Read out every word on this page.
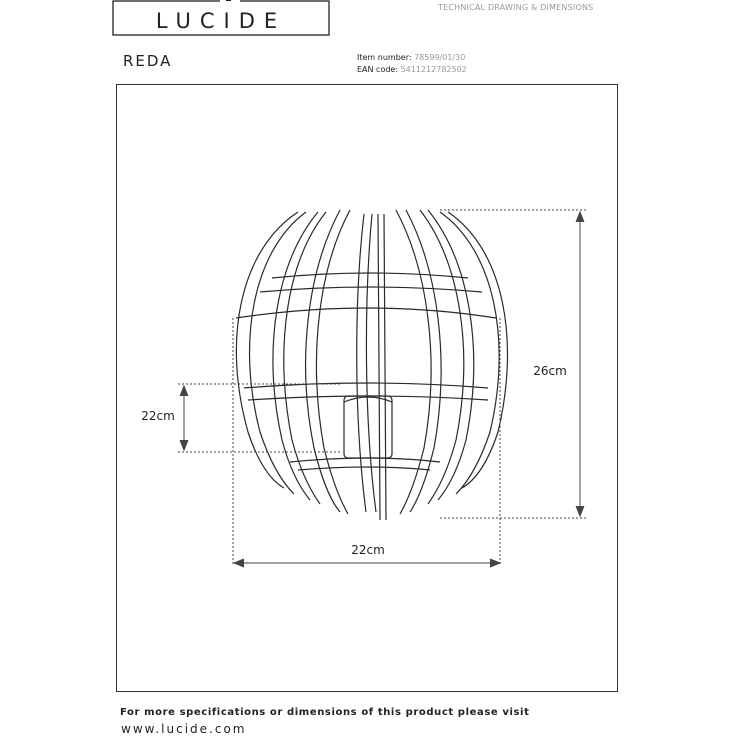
LUCIDE
TECHNICAL DRAWING & DIMENSIONS
REDA	Item number: 78599/01/30
EAN code: 5411212782502
26cm
22cm
22cm
For more specifications or dimensions of this product please visit
www.lucide.com
